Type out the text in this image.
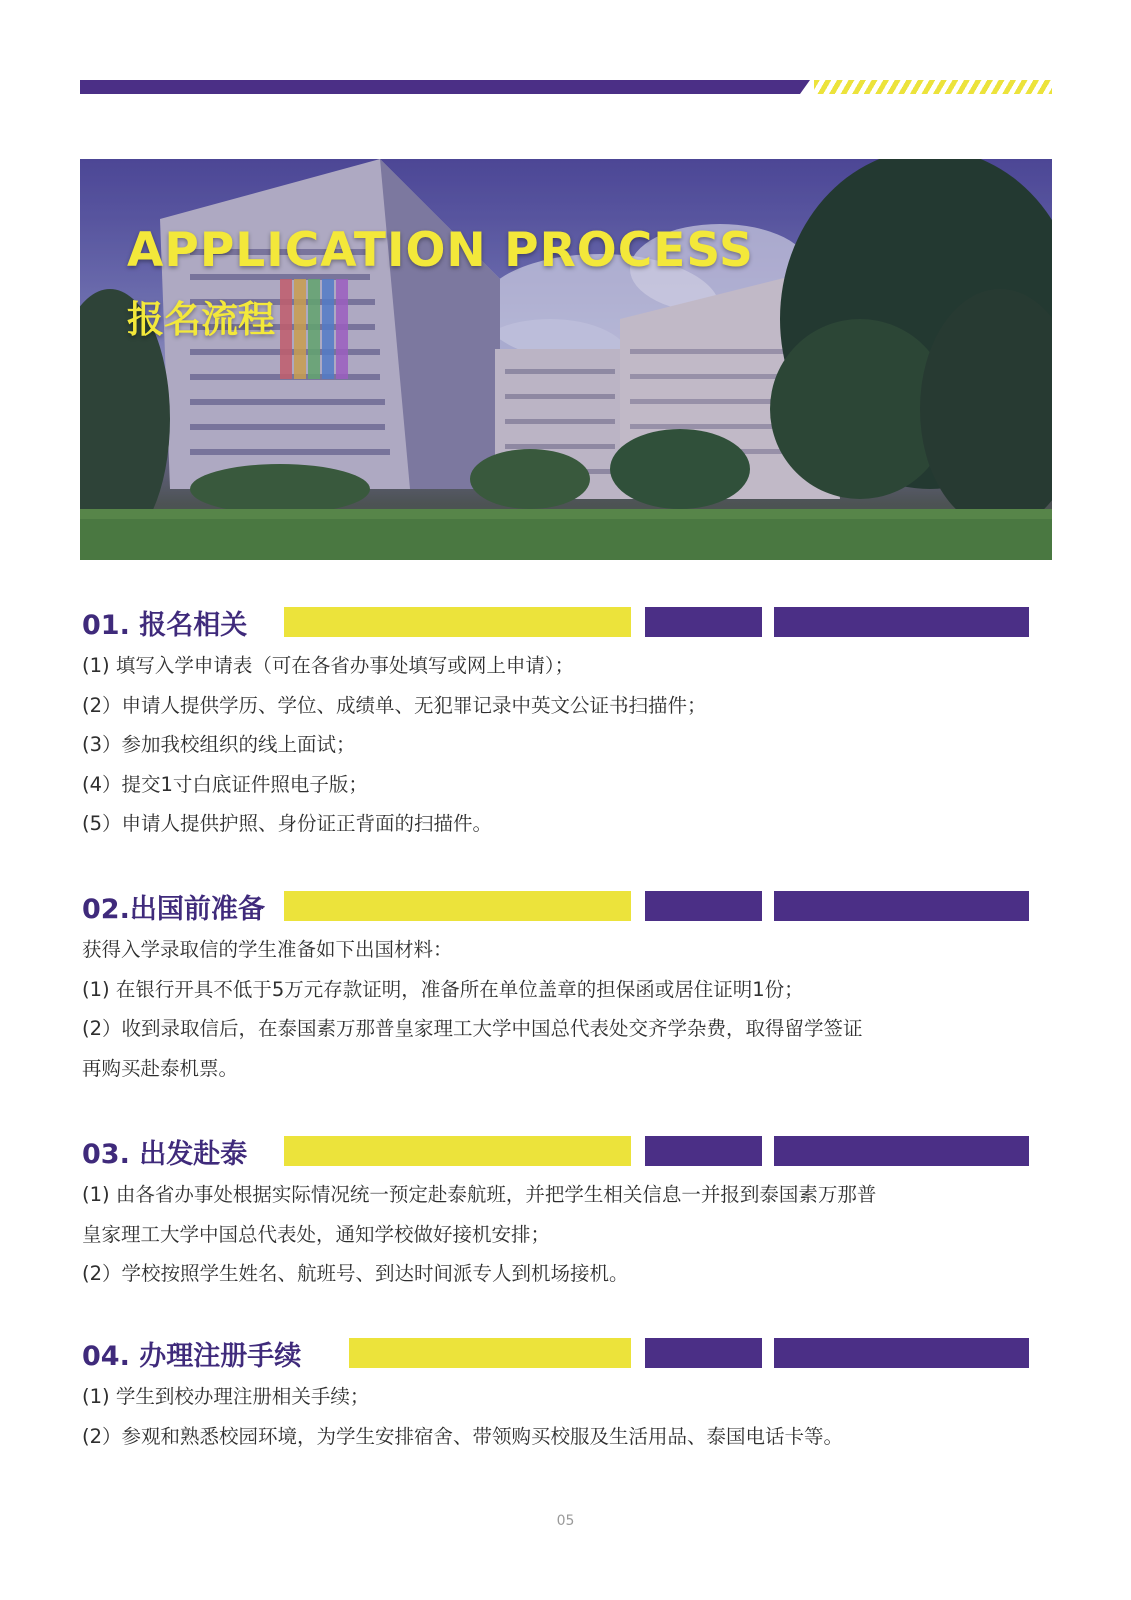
APPLICATION PROCESS
报名流程
01. 报名相关

(1) 填写入学申请表（可在各省办事处填写或网上申请）；

(2）申请人提供学历、学位、成绩单、无犯罪记录中英文公证书扫描件；

(3）参加我校组织的线上面试；

(4）提交1寸白底证件照电子版；

(5）申请人提供护照、身份证正背面的扫描件。

02.出国前准备

获得入学录取信的学生准备如下出国材料：

(1) 在银行开具不低于5万元存款证明，准备所在单位盖章的担保函或居住证明1份；

(2）收到录取信后，在泰国素万那普皇家理工大学中国总代表处交齐学杂费，取得留学签证

再购买赴泰机票。

03. 出发赴泰

(1) 由各省办事处根据实际情况统一预定赴泰航班，并把学生相关信息一并报到泰国素万那普

皇家理工大学中国总代表处，通知学校做好接机安排；

(2）学校按照学生姓名、航班号、到达时间派专人到机场接机。

04. 办理注册手续

(1) 学生到校办理注册相关手续；

(2）参观和熟悉校园环境，为学生安排宿舍、带领购买校服及生活用品、泰国电话卡等。

05
